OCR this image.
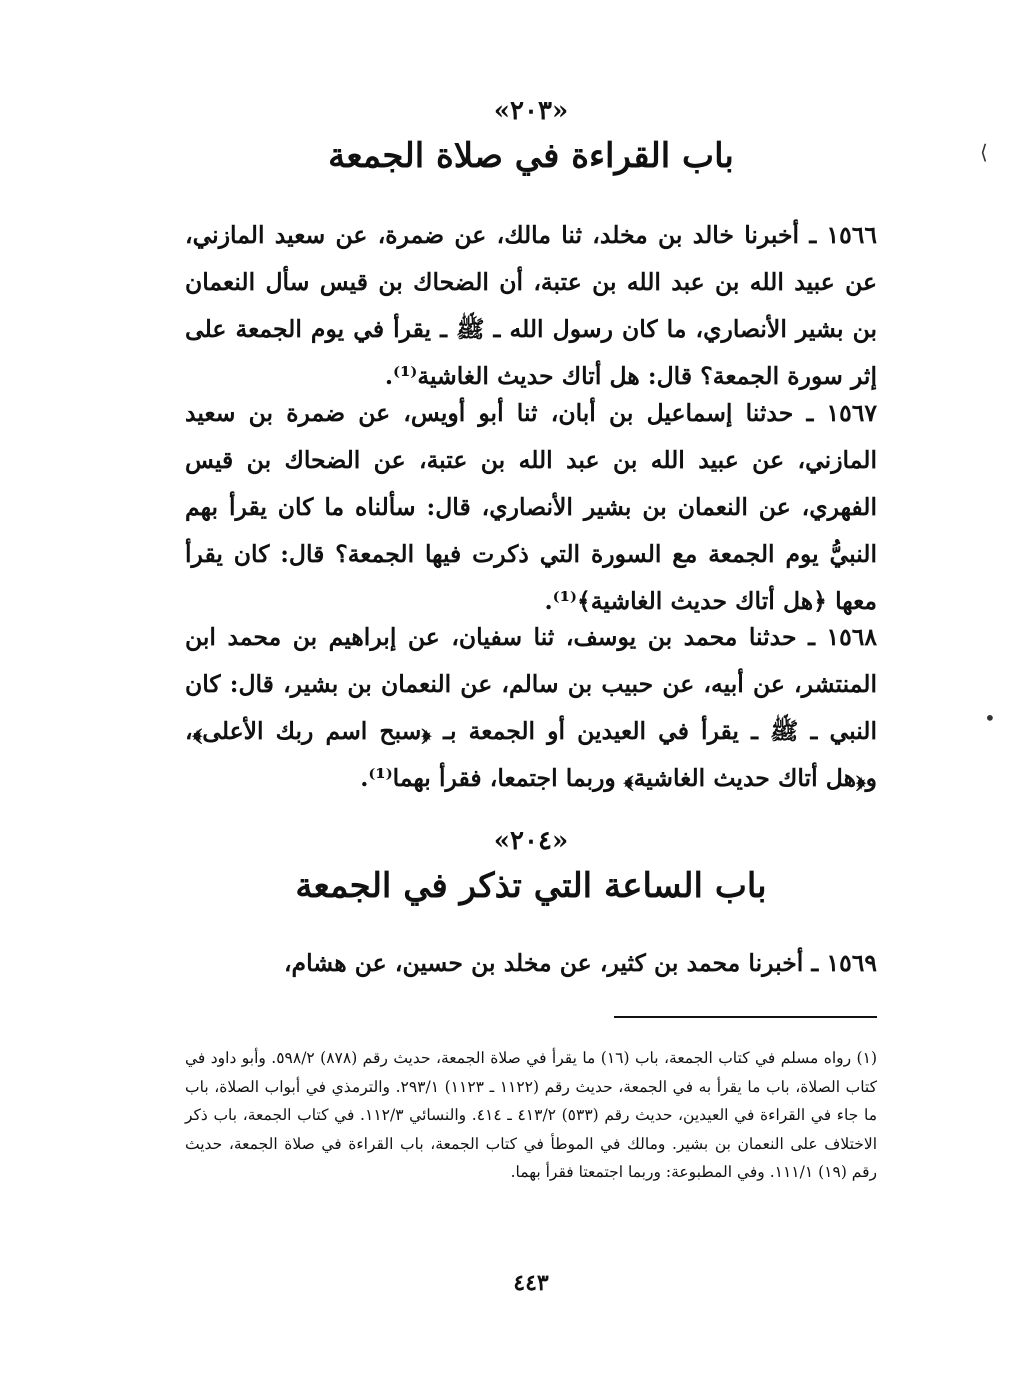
«٢٠٣»
باب القراءة في صلاة الجمعة
١٥٦٦ ـ أخبرنا خالد بن مخلد، ثنا مالك، عن ضمرة، عن سعيد المازني، عن عبيد الله بن عبد الله بن عتبة، أن الضحاك بن قيس سأل النعمان بن بشير الأنصاري، ما كان رسول الله ـ ﷺ ـ يقرأ في يوم الجمعة على إثر سورة الجمعة؟ قال: هل أتاك حديث الغاشية⁽¹⁾.
١٥٦٧ ـ حدثنا إسماعيل بن أبان، ثنا أبو أويس، عن ضمرة بن سعيد المازني، عن عبيد الله بن عبد الله بن عتبة، عن الضحاك بن قيس الفهري، عن النعمان بن بشير الأنصاري، قال: سألناه ما كان يقرأ بهم النبيُّ يوم الجمعة مع السورة التي ذكرت فيها الجمعة؟ قال: كان يقرأ معها ﴿هل أتاك حديث الغاشية﴾⁽¹⁾.
١٥٦٨ ـ حدثنا محمد بن يوسف، ثنا سفيان، عن إبراهيم بن محمد ابن المنتشر، عن أبيه، عن حبيب بن سالم، عن النعمان بن بشير، قال: كان النبي ـ ﷺ ـ يقرأ في العيدين أو الجمعة بـ ﴿سبح اسم ربك الأعلى﴾، و﴿هل أتاك حديث الغاشية﴾ وربما اجتمعا، فقرأ بهما⁽¹⁾.
«٢٠٤»
باب الساعة التي تذكر في الجمعة
١٥٦٩ ـ أخبرنا محمد بن كثير، عن مخلد بن حسين، عن هشام،
(١) رواه مسلم في كتاب الجمعة، باب (١٦) ما يقرأ في صلاة الجمعة، حديث رقم (٨٧٨) ٥٩٨/٢. وأبو داود في كتاب الصلاة، باب ما يقرأ به في الجمعة، حديث رقم (١١٢٢ ـ ١١٢٣) ٢٩٣/١. والترمذي في أبواب الصلاة، باب ما جاء في القراءة في العيدين، حديث رقم (٥٣٣) ٤١٣/٢ ـ ٤١٤. والنسائي ١١٢/٣. في كتاب الجمعة، باب ذكر الاختلاف على النعمان بن بشير. ومالك في الموطأ في كتاب الجمعة، باب القراءة في صلاة الجمعة، حديث رقم (١٩) ١١١/١. وفي المطبوعة: وربما اجتمعتا فقرأ بهما.
٤٤٣
⟩
•
